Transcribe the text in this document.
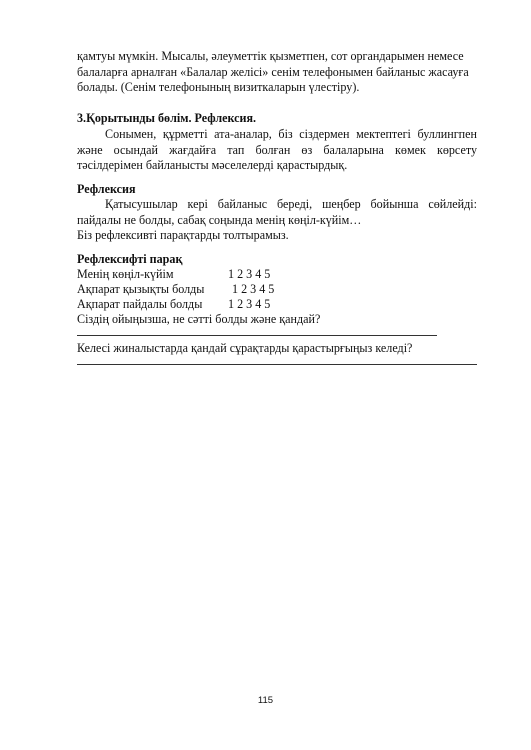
қамтуы мүмкін. Мысалы, әлеуметтік қызметпен, сот органдарымен немесе
балаларға арналған «Балалар желісі» сенім телефонымен байланыс жасауға
болады. (Сенім телефонының визиткаларын үлестіру).
3.Қорытынды бөлім. Рефлексия.
Сонымен, құрметті ата-аналар, біз сіздермен мектептегі буллингпен және осындай жағдайға тап болған өз балаларына көмек көрсету тәсілдерімен байланысты мәселелерді қарастырдық.
Рефлексия
Қатысушылар кері байланыс береді, шеңбер бойынша сөйлейді: пайдалы не болды, сабақ соңында менің көңіл-күйім…
Біз рефлексивті парақтарды толтырамыз.
Рефлексифті парақ
Менің көңіл-күйім	1 2 3 4 5
Ақпарат қызықты болды 1 2 3 4 5
Ақпарат пайдалы болды 1 2 3 4 5
Сіздің ойыңызша, не сәтті болды және қандай?
Келесі жиналыстарда қандай сұрақтарды қарастырғыңыз келеді?
115
